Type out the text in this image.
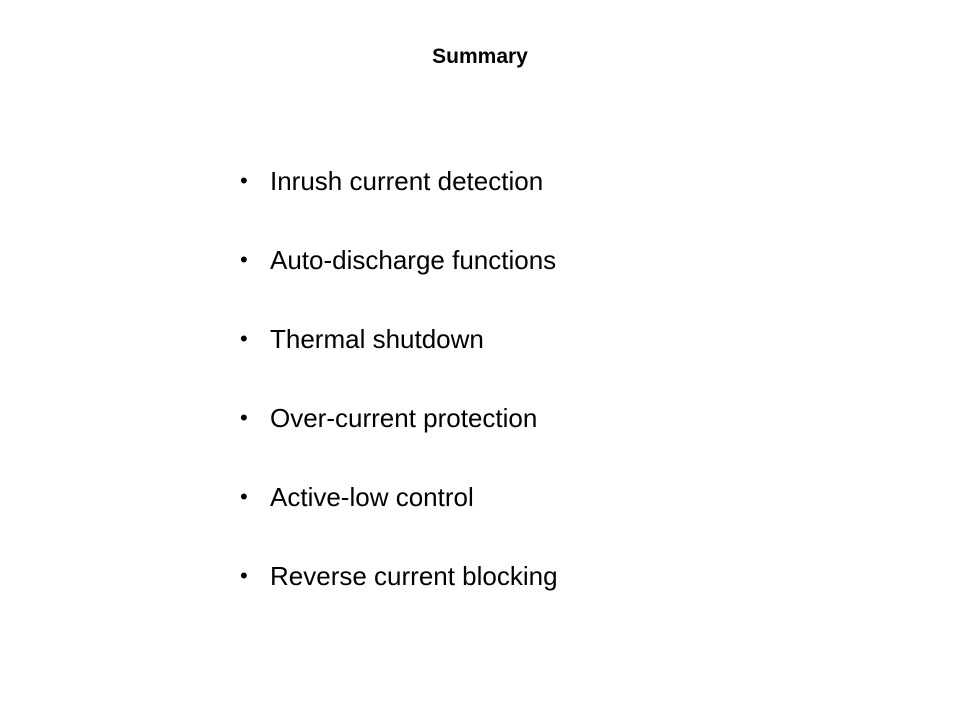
Summary
• Inrush current detection
• Auto-discharge functions
• Thermal shutdown
• Over-current protection
• Active-low control
• Reverse current blocking
